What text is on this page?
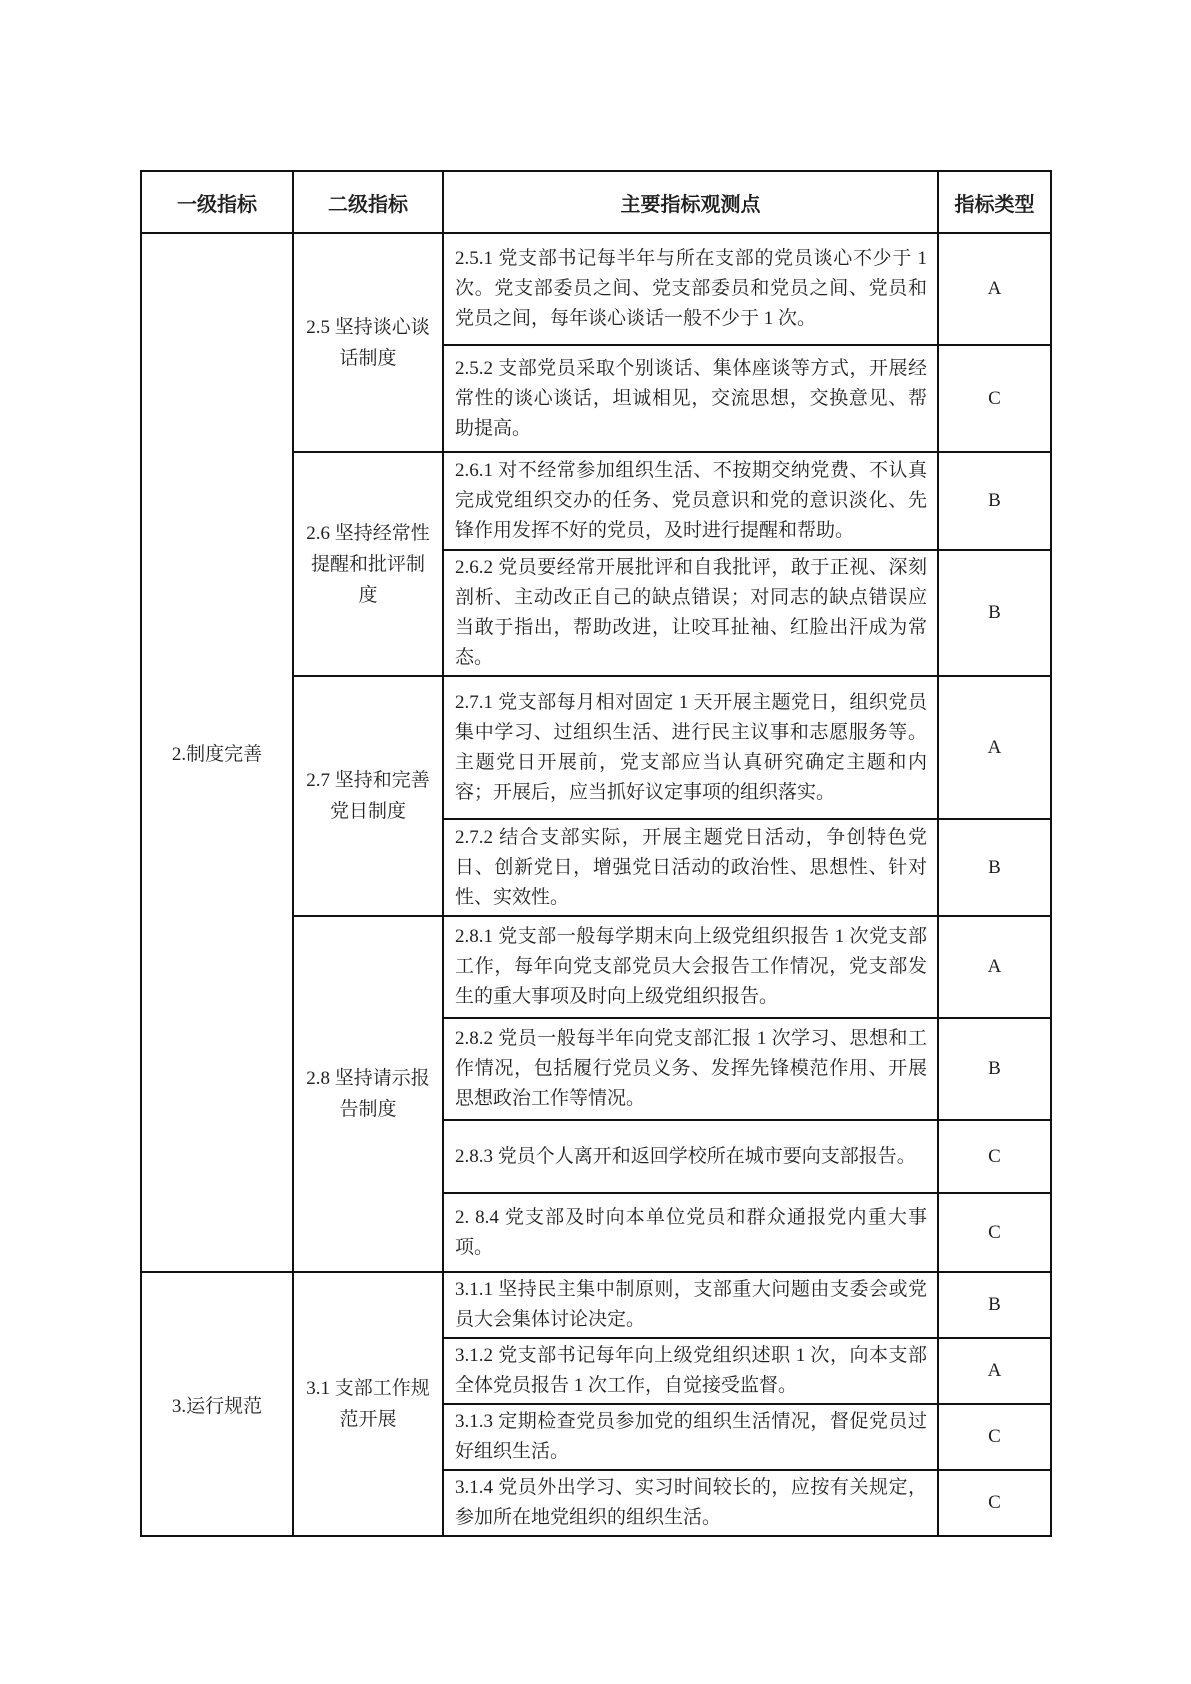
一级指标	二级指标	主要指标观测点	指标类型
2.制度完善	2.5 坚持谈心谈话制度	2.5.1 党支部书记每半年与所在支部的党员谈心不少于 1 次。党支部委员之间、党支部委员和党员之间、党员和党员之间，每年谈心谈话一般不少于 1 次。	A
		2.5.2 支部党员采取个别谈话、集体座谈等方式，开展经常性的谈心谈话，坦诚相见，交流思想，交换意见、帮助提高。	C
	2.6 坚持经常性提醒和批评制度	2.6.1 对不经常参加组织生活、不按期交纳党费、不认真完成党组织交办的任务、党员意识和党的意识淡化、先锋作用发挥不好的党员，及时进行提醒和帮助。	B
		2.6.2 党员要经常开展批评和自我批评，敢于正视、深刻剖析、主动改正自己的缺点错误；对同志的缺点错误应当敢于指出，帮助改进，让咬耳扯袖、红脸出汗成为常态。	B
	2.7 坚持和完善党日制度	2.7.1 党支部每月相对固定 1 天开展主题党日，组织党员集中学习、过组织生活、进行民主议事和志愿服务等。主题党日开展前，党支部应当认真研究确定主题和内容；开展后，应当抓好议定事项的组织落实。	A
		2.7.2 结合支部实际，开展主题党日活动，争创特色党日、创新党日，增强党日活动的政治性、思想性、针对性、实效性。	B
	2.8 坚持请示报告制度	2.8.1 党支部一般每学期末向上级党组织报告 1 次党支部工作，每年向党支部党员大会报告工作情况，党支部发生的重大事项及时向上级党组织报告。	A
		2.8.2 党员一般每半年向党支部汇报 1 次学习、思想和工作情况，包括履行党员义务、发挥先锋模范作用、开展思想政治工作等情况。	B
		2.8.3 党员个人离开和返回学校所在城市要向支部报告。	C
		2. 8.4 党支部及时向本单位党员和群众通报党内重大事项。	C
3.运行规范	3.1 支部工作规范开展	3.1.1 坚持民主集中制原则，支部重大问题由支委会或党员大会集体讨论决定。	B
		3.1.2 党支部书记每年向上级党组织述职 1 次，向本支部全体党员报告 1 次工作，自觉接受监督。	A
		3.1.3 定期检查党员参加党的组织生活情况，督促党员过好组织生活。	C
		3.1.4 党员外出学习、实习时间较长的，应按有关规定，参加所在地党组织的组织生活。	C
